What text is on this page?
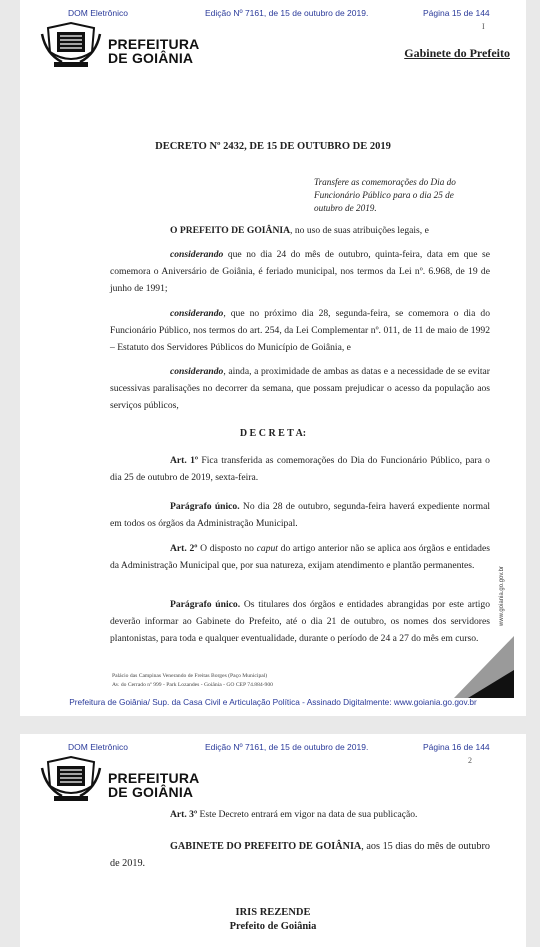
DOM Eletrônico	Edição Nº 7161, de 15 de outubro de 2019.	Página 15 de 144
I
PREFEITURA
DE GOIÂNIA	Gabinete do Prefeito
DECRETO Nº 2432, DE 15 DE OUTUBRO DE 2019
Transfere as comemorações do Dia do
Funcionário Público para o dia 25 de
outubro de 2019.

O PREFEITO DE GOIÂNIA, no uso de suas atribuições legais, e

considerando que no dia 24 do mês de outubro, quinta-feira, data em que se comemora o Aniversário de Goiânia, é feriado municipal, nos termos da Lei nº. 6.968, de 19 de junho de 1991;

considerando, que no próximo dia 28, segunda-feira, se comemora o dia do Funcionário Público, nos termos do art. 254, da Lei Complementar nº. 011, de 11 de maio de 1992 – Estatuto dos Servidores Públicos do Município de Goiânia, e

considerando, ainda, a proximidade de ambas as datas e a necessidade de se evitar sucessivas paralisações no decorrer da semana, que possam prejudicar o acesso da população aos serviços públicos,

D E C R E T A:

Art. 1º Fica transferida as comemorações do Dia do Funcionário Público, para o dia 25 de outubro de 2019, sexta-feira.

Parágrafo único. No dia 28 de outubro, segunda-feira haverá expediente normal em todos os órgãos da Administração Municipal.

Art. 2º O disposto no caput do artigo anterior não se aplica aos órgãos e entidades da Administração Municipal que, por sua natureza, exijam atendimento e plantão permanentes.

Parágrafo único. Os titulares dos órgãos e entidades abrangidas por este artigo deverão informar ao Gabinete do Prefeito, até o dia 21 de outubro, os nomes dos servidores plantonistas, para toda e qualquer eventualidade, durante o período de 24 a 27 do mês em curso.

www.goiania.go.gov.br
Palácio das Campinas Venerando de Freitas Borges (Paço Municipal)
Av. do Cerrado nº 999 - Park Lozandes - Goiânia - GO CEP 74.884-900
Prefeitura de Goiânia/ Sup. da Casa Civil e Articulação Política - Assinado Digitalmente: www.goiania.go.gov.br
DOM Eletrônico	Edição Nº 7161, de 15 de outubro de 2019.	Página 16 de 144
2
PREFEITURA
DE GOIÂNIA

Art. 3º Este Decreto entrará em vigor na data de sua publicação.

GABINETE DO PREFEITO DE GOIÂNIA, aos 15 dias do mês de outubro de 2019.

IRIS REZENDE
Prefeito de Goiânia
